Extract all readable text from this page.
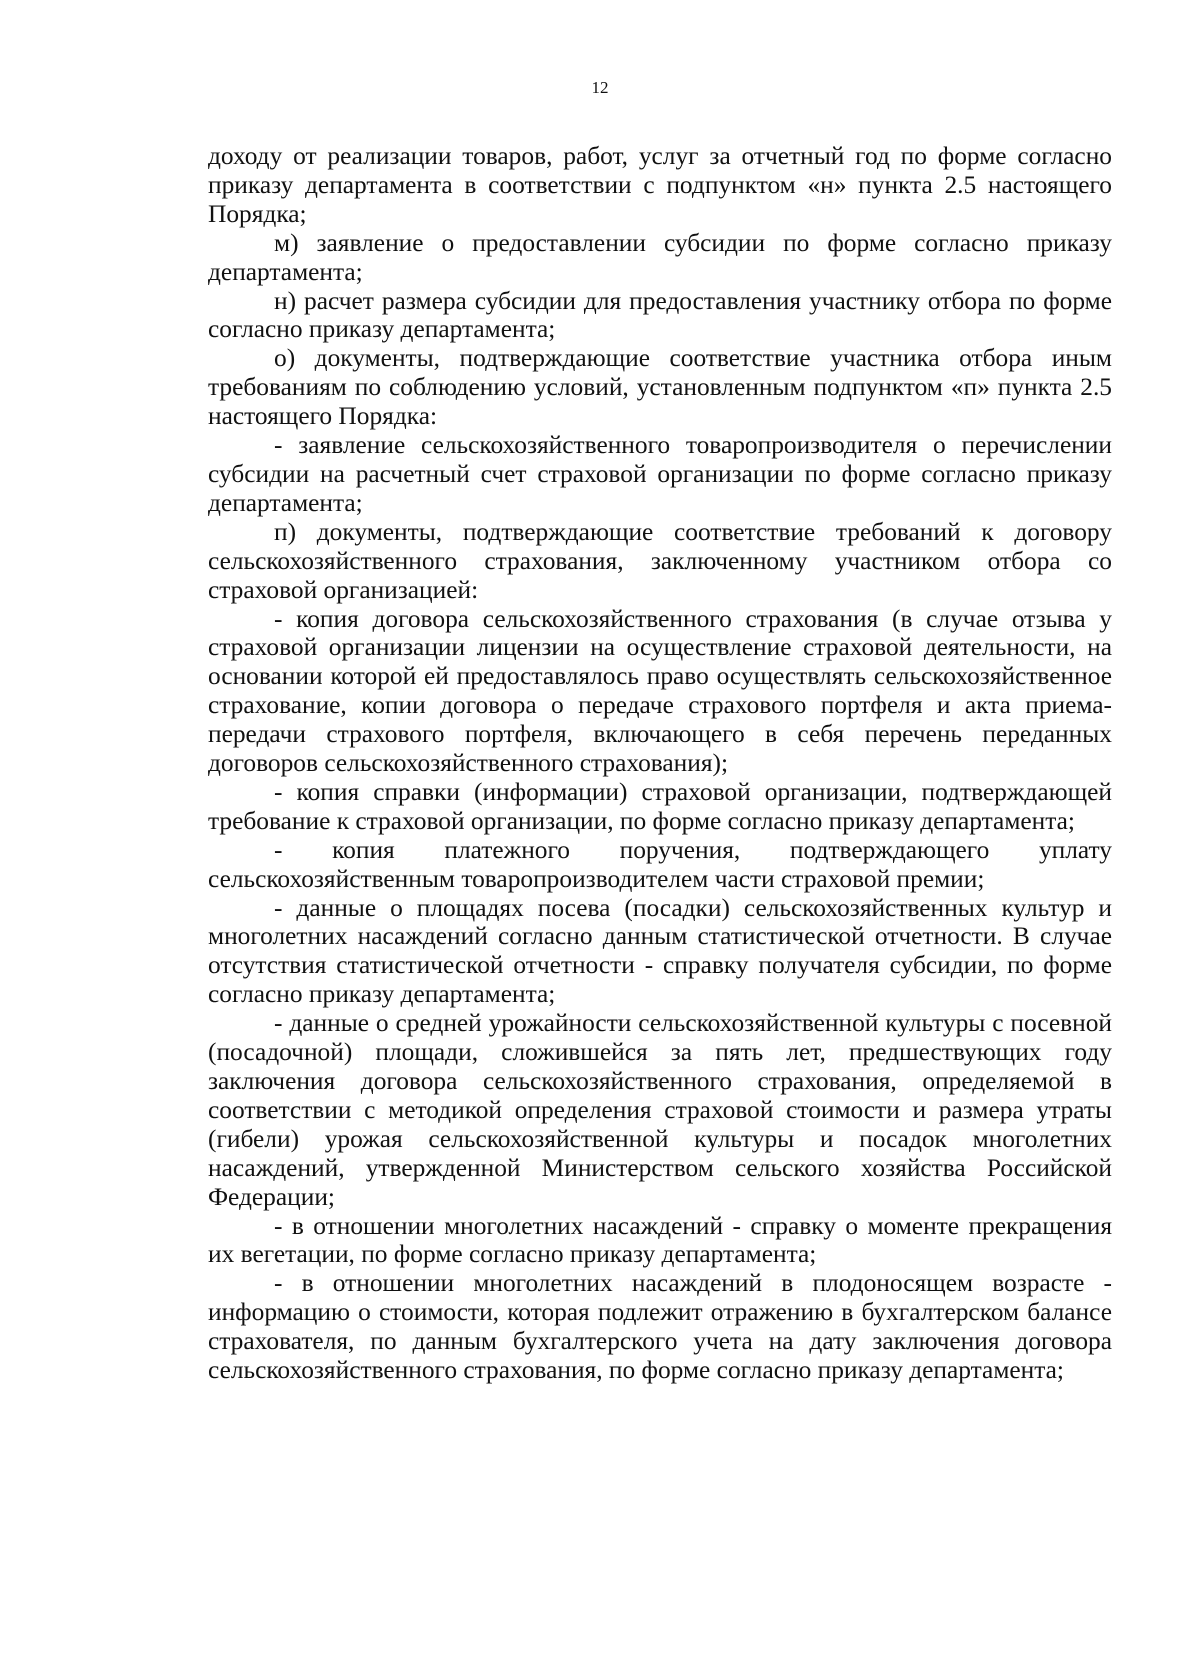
12

доходу от реализации товаров, работ, услуг за отчетный год по форме согласно приказу департамента в соответствии с подпунктом «н» пункта 2.5 настоящего Порядка;

м) заявление о предоставлении субсидии по форме согласно приказу департамента;

н) расчет размера субсидии для предоставления участнику отбора по форме согласно приказу департамента;

о) документы, подтверждающие соответствие участника отбора иным требованиям по соблюдению условий, установленным подпунктом «п» пункта 2.5 настоящего Порядка:

- заявление сельскохозяйственного товаропроизводителя о перечислении субсидии на расчетный счет страховой организации по форме согласно приказу департамента;

п) документы, подтверждающие соответствие требований к договору сельскохозяйственного страхования, заключенному участником отбора со страховой организацией:

- копия договора сельскохозяйственного страхования (в случае отзыва у страховой организации лицензии на осуществление страховой деятельности, на основании которой ей предоставлялось право осуществлять сельскохозяйственное страхование, копии договора о передаче страхового портфеля и акта приема-передачи страхового портфеля, включающего в себя перечень переданных договоров сельскохозяйственного страхования);

- копия справки (информации) страховой организации, подтверждающей требование к страховой организации, по форме согласно приказу департамента;

- копия платежного поручения, подтверждающего уплату сельскохозяйственным товаропроизводителем части страховой премии;

- данные о площадях посева (посадки) сельскохозяйственных культур и многолетних насаждений согласно данным статистической отчетности. В случае отсутствия статистической отчетности - справку получателя субсидии, по форме согласно приказу департамента;

- данные о средней урожайности сельскохозяйственной культуры с посевной (посадочной) площади, сложившейся за пять лет, предшествующих году заключения договора сельскохозяйственного страхования, определяемой в соответствии с методикой определения страховой стоимости и размера утраты (гибели) урожая сельскохозяйственной культуры и посадок многолетних насаждений, утвержденной Министерством сельского хозяйства Российской Федерации;

- в отношении многолетних насаждений - справку о моменте прекращения их вегетации, по форме согласно приказу департамента;

- в отношении многолетних насаждений в плодоносящем возрасте - информацию о стоимости, которая подлежит отражению в бухгалтерском балансе страхователя, по данным бухгалтерского учета на дату заключения договора сельскохозяйственного страхования, по форме согласно приказу департамента;
